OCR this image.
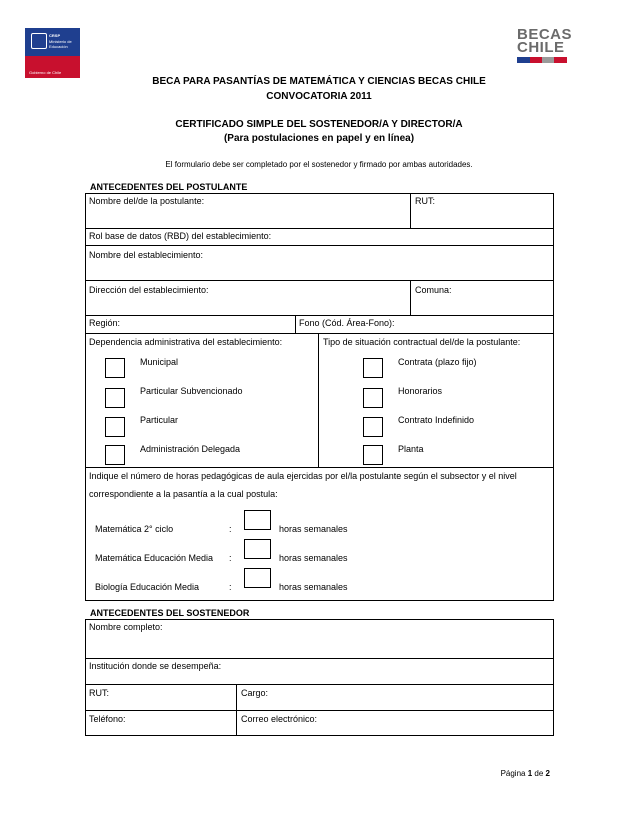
CRSP
Ministerio de
Educación
Gobierno de Chile
BECAS
CHILE
BECA PARA PASANTÍAS DE MATEMÁTICA Y CIENCIAS BECAS CHILE
CONVOCATORIA 2011
CERTIFICADO SIMPLE DEL SOSTENEDOR/A Y DIRECTOR/A
(Para postulaciones en papel y en línea)
El formulario debe ser completado por el sostenedor y firmado por ambas autoridades.
ANTECEDENTES DEL POSTULANTE
Nombre del/de la postulante:	RUT:
Rol base de datos (RBD) del establecimiento:
Nombre del establecimiento:
Dirección del establecimiento:	Comuna:
Región:	Fono (Cód. Área-Fono):
Dependencia administrativa del establecimiento:	Tipo de situación contractual del/de la postulante:
Municipal
Particular Subvencionado
Particular
Administración Delegada
Contrata (plazo fijo)
Honorarios
Contrato Indefinido
Planta
Indique el número de horas pedagógicas de aula ejercidas por el/la postulante según el subsector y el nivel
correspondiente a la pasantía a la cual postula:
Matemática 2° ciclo	:	horas semanales
Matemática Educación Media :	horas semanales
Biología Educación Media	:	horas semanales
ANTECEDENTES DEL SOSTENEDOR
Nombre completo:
Institución donde se desempeña:
RUT:	Cargo:
Teléfono:	Correo electrónico:
Página 1 de 2
